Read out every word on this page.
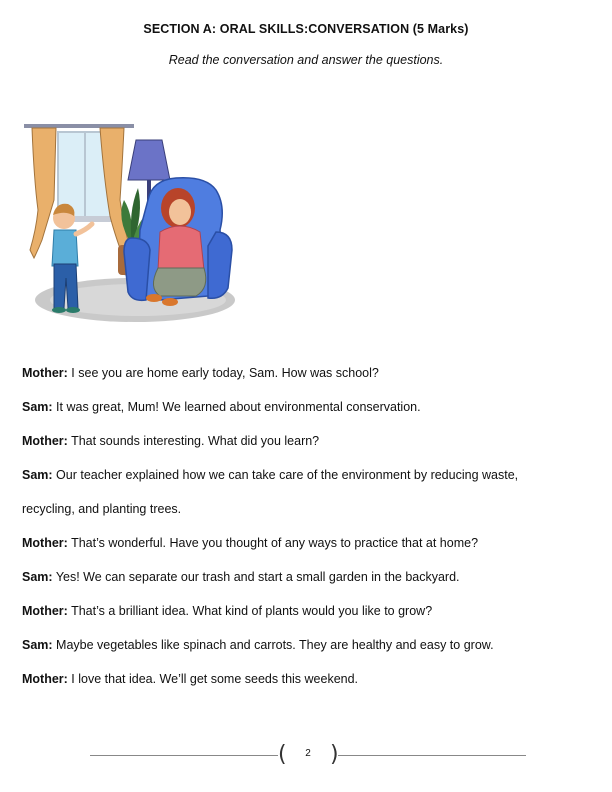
SECTION A: ORAL SKILLS:CONVERSATION (5 Marks)
Read the conversation and answer the questions.

Mother: I see you are home early today, Sam. How was school?

Sam: It was great, Mum! We learned about environmental conservation.

Mother: That sounds interesting. What did you learn?

Sam: Our teacher explained how we can take care of the environment by reducing waste,

recycling, and planting trees.

Mother: That’s wonderful. Have you thought of any ways to practice that at home?

Sam: Yes! We can separate our trash and start a small garden in the backyard.

Mother: That’s a brilliant idea. What kind of plants would you like to grow?

Sam: Maybe vegetables like spinach and carrots. They are healthy and easy to grow.

Mother: I love that idea. We’ll get some seeds this weekend.

(	2 )
